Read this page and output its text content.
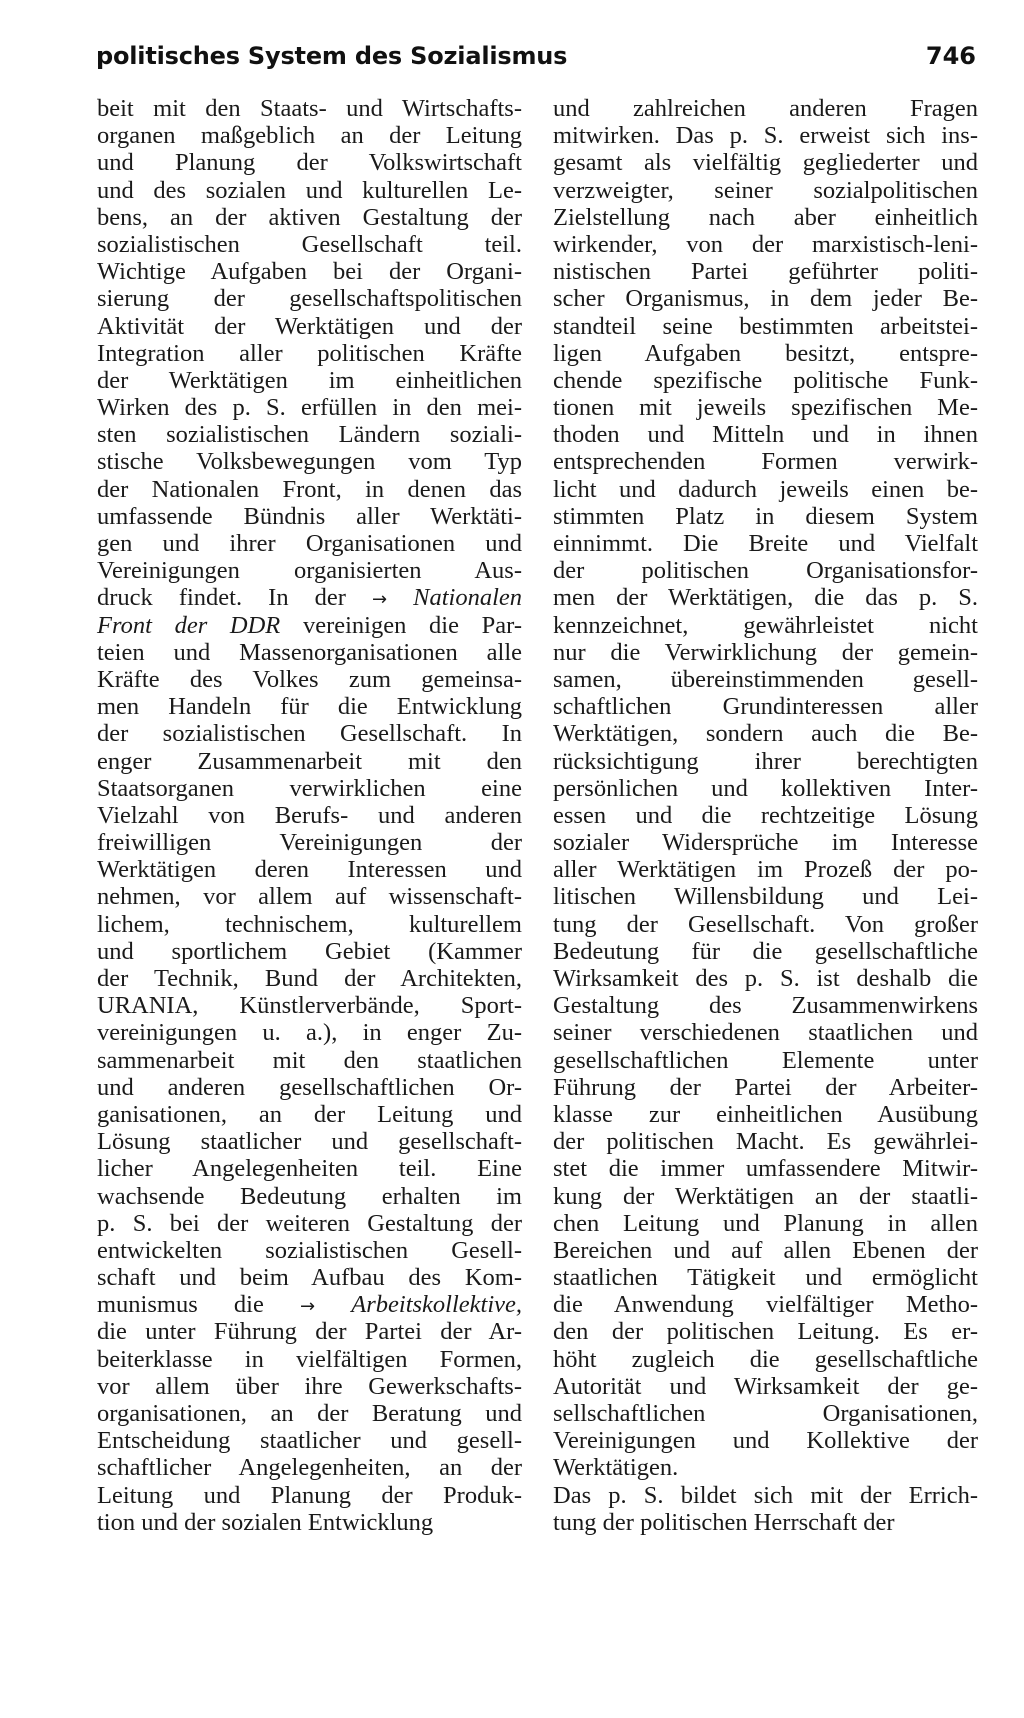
politisches System des Sozialismus	746
beit mit den Staats- und Wirtschafts-
organen maßgeblich an der Leitung
und Planung der Volkswirtschaft
und des sozialen und kulturellen Le-
bens, an der aktiven Gestaltung der
sozialistischen Gesellschaft teil.
Wichtige Aufgaben bei der Organi-
sierung der gesellschaftspolitischen
Aktivität der Werktätigen und der
Integration aller politischen Kräfte
der Werktätigen im einheitlichen
Wirken des p. S. erfüllen in den mei-
sten sozialistischen Ländern soziali-
stische Volksbewegungen vom Typ
der Nationalen Front, in denen das
umfassende Bündnis aller Werktäti-
gen und ihrer Organisationen und
Vereinigungen organisierten Aus-
druck findet. In der → Nationalen
Front der DDR vereinigen die Par-
teien und Massenorganisationen alle
Kräfte des Volkes zum gemeinsa-
men Handeln für die Entwicklung
der sozialistischen Gesellschaft. In
enger Zusammenarbeit mit den
Staatsorganen verwirklichen eine
Vielzahl von Berufs- und anderen
freiwilligen Vereinigungen der
Werktätigen deren Interessen und
nehmen, vor allem auf wissenschaft-
lichem, technischem, kulturellem
und sportlichem Gebiet (Kammer
der Technik, Bund der Architekten,
URANIA, Künstlerverbände, Sport-
vereinigungen u. a.), in enger Zu-
sammenarbeit mit den staatlichen
und anderen gesellschaftlichen Or-
ganisationen, an der Leitung und
Lösung staatlicher und gesellschaft-
licher Angelegenheiten teil. Eine
wachsende Bedeutung erhalten im
p. S. bei der weiteren Gestaltung der
entwickelten sozialistischen Gesell-
schaft und beim Aufbau des Kom-
munismus die → Arbeitskollektive,
die unter Führung der Partei der Ar-
beiterklasse in vielfältigen Formen,
vor allem über ihre Gewerkschafts-
organisationen, an der Beratung und
Entscheidung staatlicher und gesell-
schaftlicher Angelegenheiten, an der
Leitung und Planung der Produk-
tion und der sozialen Entwicklung
und zahlreichen anderen Fragen
mitwirken. Das p. S. erweist sich ins-
gesamt als vielfältig gegliederter und
verzweigter, seiner sozialpolitischen
Zielstellung nach aber einheitlich
wirkender, von der marxistisch-leni-
nistischen Partei geführter politi-
scher Organismus, in dem jeder Be-
standteil seine bestimmten arbeitstei-
ligen Aufgaben besitzt, entspre-
chende spezifische politische Funk-
tionen mit jeweils spezifischen Me-
thoden und Mitteln und in ihnen
entsprechenden Formen verwirk-
licht und dadurch jeweils einen be-
stimmten Platz in diesem System
einnimmt. Die Breite und Vielfalt
der politischen Organisationsfor-
men der Werktätigen, die das p. S.
kennzeichnet, gewährleistet nicht
nur die Verwirklichung der gemein-
samen, übereinstimmenden gesell-
schaftlichen Grundinteressen aller
Werktätigen, sondern auch die Be-
rücksichtigung ihrer berechtigten
persönlichen und kollektiven Inter-
essen und die rechtzeitige Lösung
sozialer Widersprüche im Interesse
aller Werktätigen im Prozeß der po-
litischen Willensbildung und Lei-
tung der Gesellschaft. Von großer
Bedeutung für die gesellschaftliche
Wirksamkeit des p. S. ist deshalb die
Gestaltung des Zusammenwirkens
seiner verschiedenen staatlichen und
gesellschaftlichen Elemente unter
Führung der Partei der Arbeiter-
klasse zur einheitlichen Ausübung
der politischen Macht. Es gewährlei-
stet die immer umfassendere Mitwir-
kung der Werktätigen an der staatli-
chen Leitung und Planung in allen
Bereichen und auf allen Ebenen der
staatlichen Tätigkeit und ermöglicht
die Anwendung vielfältiger Metho-
den der politischen Leitung. Es er-
höht zugleich die gesellschaftliche
Autorität und Wirksamkeit der ge-
sellschaftlichen Organisationen,
Vereinigungen und Kollektive der
Werktätigen.
Das p. S. bildet sich mit der Errich-
tung der politischen Herrschaft der
